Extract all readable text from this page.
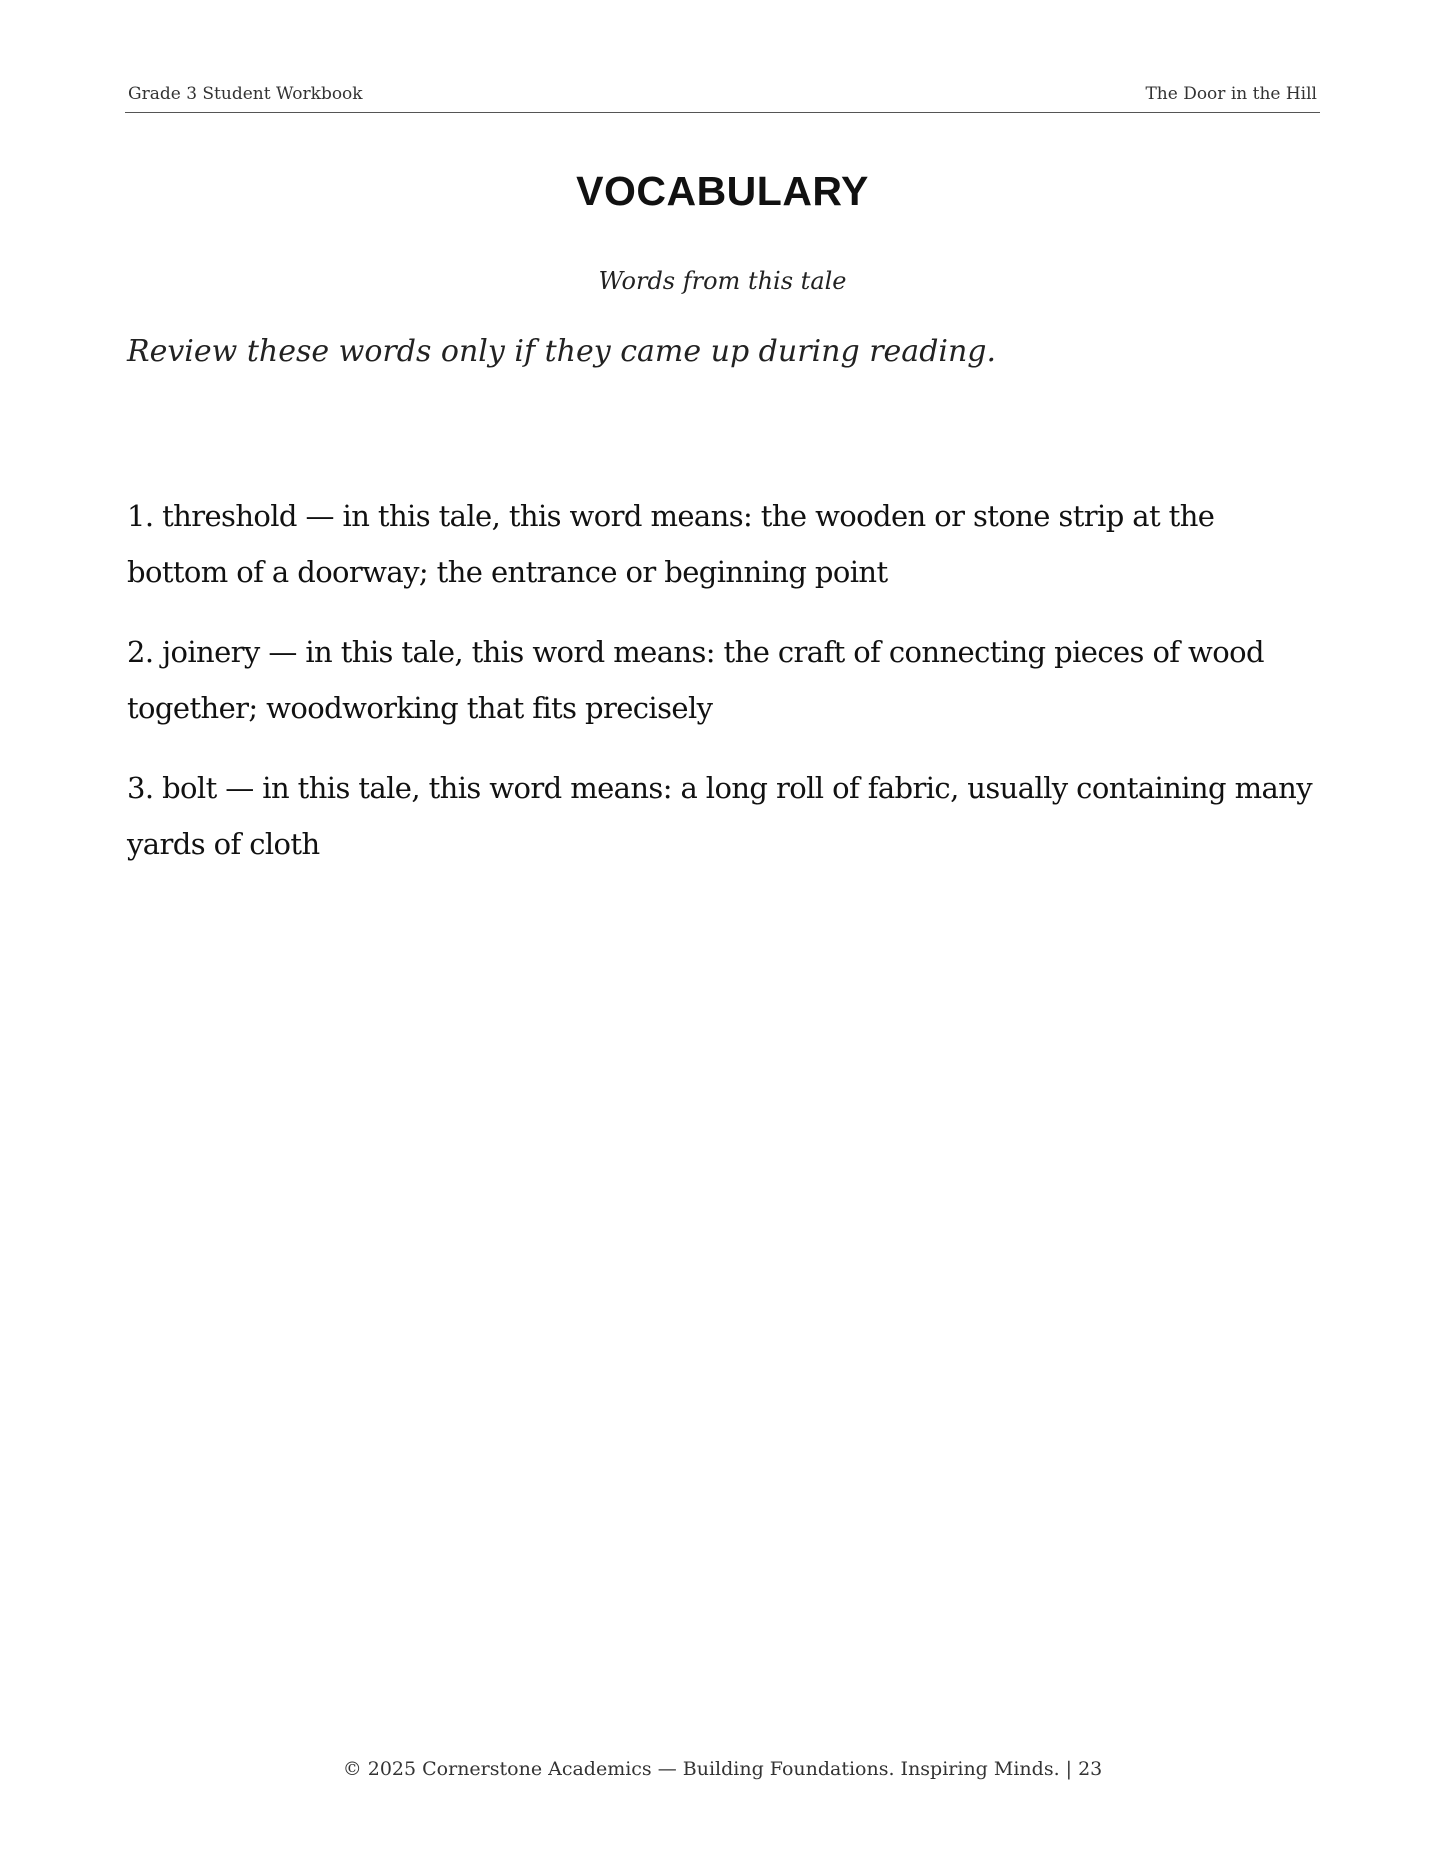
Grade 3 Student Workbook	The Door in the Hill
VOCABULARY
Words from this tale
Review these words only if they came up during reading.
1. threshold — in this tale, this word means: the wooden or stone strip at the bottom of a doorway; the entrance or beginning point
2. joinery — in this tale, this word means: the craft of connecting pieces of wood together; woodworking that fits precisely
3. bolt — in this tale, this word means: a long roll of fabric, usually containing many yards of cloth
© 2025 Cornerstone Academics — Building Foundations. Inspiring Minds. | 23
